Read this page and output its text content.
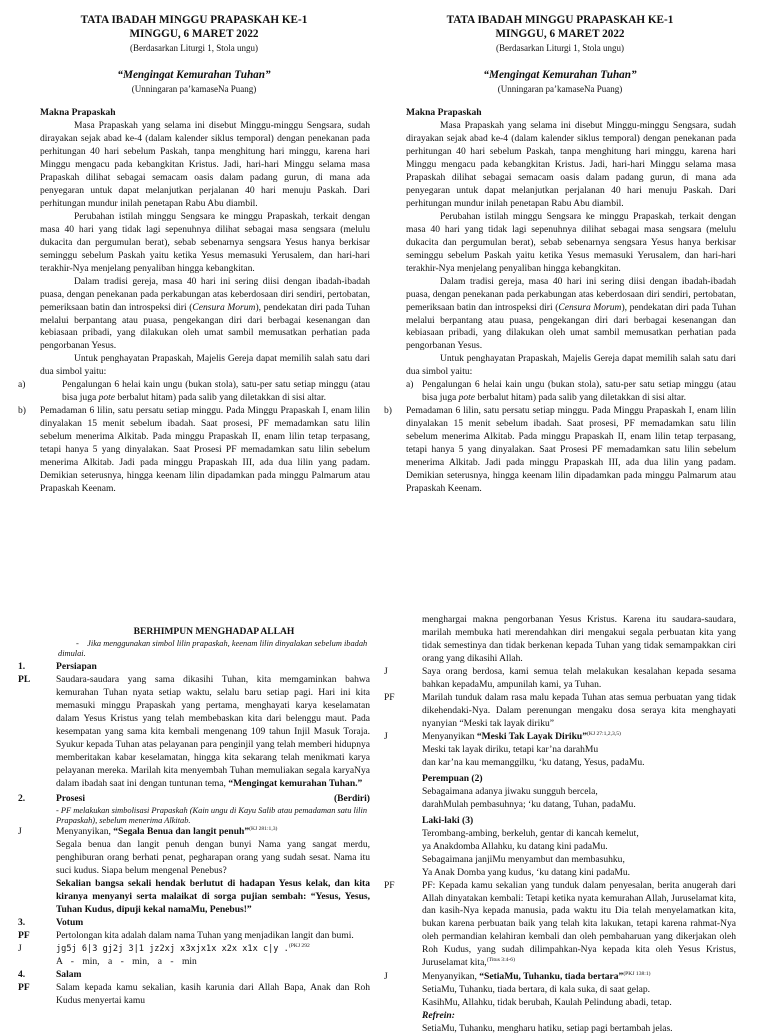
TATA IBADAH MINGGU PRAPASKAH KE-1
MINGGU, 6 MARET 2022
(Berdasarkan Liturgi 1, Stola ungu)
“Mengingat Kemurahan Tuhan”
(Unningaran pa’kamaseNa Puang)
Makna Prapaskah
Masa Prapaskah yang selama ini disebut Minggu-minggu Sengsara, sudah dirayakan sejak abad ke-4 (dalam kalender siklus temporal) dengan penekanan pada perhitungan 40 hari sebelum Paskah, tanpa menghitung hari minggu, karena hari Minggu mengacu pada kebangkitan Kristus. Jadi, hari-hari Minggu selama masa Prapaskah dilihat sebagai semacam oasis dalam padang gurun, di mana ada penyegaran untuk dapat melanjutkan perjalanan 40 hari menuju Paskah. Dari perhitungan mundur inilah penetapan Rabu Abu diambil.
Perubahan istilah minggu Sengsara ke minggu Prapaskah, terkait dengan masa 40 hari yang tidak lagi sepenuhnya dilihat sebagai masa sengsara (melulu dukacita dan pergumulan berat), sebab sebenarnya sengsara Yesus hanya berkisar seminggu sebelum Paskah yaitu ketika Yesus memasuki Yerusalem, dan hari-hari terakhir-Nya menjelang penyaliban hingga kebangkitan.
Dalam tradisi gereja, masa 40 hari ini sering diisi dengan ibadah-ibadah puasa, dengan penekanan pada perkabungan atas keberdosaan diri sendiri, pertobatan, pemeriksaan batin dan introspeksi diri (Censura Morum), pendekatan diri pada Tuhan melalui berpantang atau puasa, pengekangan diri dari berbagai kesenangan dan kebiasaan pribadi, yang dilakukan oleh umat sambil memusatkan perhatian pada pengorbanan Yesus.
Untuk penghayatan Prapaskah, Majelis Gereja dapat memilih salah satu dari dua simbol yaitu:
a)	Pengalungan 6 helai kain ungu (bukan stola), satu-per satu setiap minggu (atau bisa juga pote berbalut hitam) pada salib yang diletakkan di sisi altar.
b) Pemadaman 6 lilin, satu persatu setiap minggu. Pada Minggu Prapaskah I, enam lilin dinyalakan 15 menit sebelum ibadah. Saat prosesi, PF memadamkan satu lilin sebelum menerima Alkitab. Pada minggu Prapaskah II, enam lilin tetap terpasang, tetapi hanya 5 yang dinyalakan. Saat Prosesi PF memadamkan satu lilin sebelum menerima Alkitab. Jadi pada minggu Prapaskah III, ada dua lilin yang padam. Demikian seterusnya, hingga keenam lilin dipadamkan pada minggu Palmarum atau Prapaskah Keenam.
TATA IBADAH MINGGU PRAPASKAH KE-1
MINGGU, 6 MARET 2022
(Berdasarkan Liturgi 1, Stola ungu)
“Mengingat Kemurahan Tuhan”
(Unningaran pa’kamaseNa Puang)
Makna Prapaskah
Masa Prapaskah yang selama ini disebut Minggu-minggu Sengsara, sudah dirayakan sejak abad ke-4 (dalam kalender siklus temporal) dengan penekanan pada perhitungan 40 hari sebelum Paskah, tanpa menghitung hari minggu, karena hari Minggu mengacu pada kebangkitan Kristus. Jadi, hari-hari Minggu selama masa Prapaskah dilihat sebagai semacam oasis dalam padang gurun, di mana ada penyegaran untuk dapat melanjutkan perjalanan 40 hari menuju Paskah. Dari perhitungan mundur inilah penetapan Rabu Abu diambil.
Perubahan istilah minggu Sengsara ke minggu Prapaskah, terkait dengan masa 40 hari yang tidak lagi sepenuhnya dilihat sebagai masa sengsara (melulu dukacita dan pergumulan berat), sebab sebenarnya sengsara Yesus hanya berkisar seminggu sebelum Paskah yaitu ketika Yesus memasuki Yerusalem, dan hari-hari terakhir-Nya menjelang penyaliban hingga kebangkitan.
Dalam tradisi gereja, masa 40 hari ini sering diisi dengan ibadah-ibadah puasa, dengan penekanan pada perkabungan atas keberdosaan diri sendiri, pertobatan, pemeriksaan batin dan introspeksi diri (Censura Morum), pendekatan diri pada Tuhan melalui berpantang atau puasa, pengekangan diri dari berbagai kesenangan dan kebiasaan pribadi, yang dilakukan oleh umat sambil memusatkan perhatian pada pengorbanan Yesus.
Untuk penghayatan Prapaskah, Majelis Gereja dapat memilih salah satu dari dua simbol yaitu:
a) Pengalungan 6 helai kain ungu (bukan stola), satu-per satu setiap minggu (atau bisa juga pote berbalut hitam) pada salib yang diletakkan di sisi altar.
b) Pemadaman 6 lilin, satu persatu setiap minggu. Pada Minggu Prapaskah I, enam lilin dinyalakan 15 menit sebelum ibadah. Saat prosesi, PF memadamkan satu lilin sebelum menerima Alkitab. Pada minggu Prapaskah II, enam lilin tetap terpasang, tetapi hanya 5 yang dinyalakan. Saat Prosesi PF memadamkan satu lilin sebelum menerima Alkitab. Jadi pada minggu Prapaskah III, ada dua lilin yang padam. Demikian seterusnya, hingga keenam lilin dipadamkan pada minggu Palmarum atau Prapaskah Keenam.
BERHIMPUN MENGHADAP ALLAH
- Jika menggunakan simbol lilin prapaskah, keenam lilin dinyalakan sebelum ibadah dimulai.
1.	Persiapan
PL	Saudara-saudara yang sama dikasihi Tuhan, kita memgaminkan bahwa kemurahan Tuhan nyata setiap waktu, selalu baru setiap pagi. Hari ini kita memasuki minggu Prapaskah yang pertama, menghayati karya keselamatan dalam Yesus Kristus yang telah membebaskan kita dari belenggu maut. Pada kesempatan yang sama kita kembali mengenang 109 tahun Injil Masuk Toraja. Syukur kepada Tuhan atas pelayanan para penginjil yang telah memberi hidupnya memberitakan kabar keselamatan, hingga kita sekarang telah menikmati karya pelayanan mereka. Marilah kita menyembah Tuhan memuliakan segala karyaNya dalam ibadah saat ini dengan tuntunan tema, “Mengingat kemurahan Tuhan.”
2.	Prosesi	(Berdiri)
- PF melakukan simbolisasi Prapaskah (Kain ungu di Kayu Salib atau pemadaman satu lilin Prapaskah), sebelum menerima Alkitab.
J	Menyanyikan, “Segala Benua dan langit penuh”$^{(KJ 281:1,3)}$
Segala benua dan langit penuh dengan bunyi Nama yang sangat merdu, penghiburan orang berhati penat, pegharapan orang yang sudah sesat. Nama itu suci kudus. Siapa belum mengenal Penebus?
Sekalian bangsa sekali hendak berlutut di hadapan Yesus kelak, dan kita kiranya menyanyi serta malaikat di sorga pujian sembah: “Yesus, Yesus, Tuhan Kudus, dipuji kekal namaMu, Penebus!”
3.	Votum
PF	Pertolongan kita adalah dalam nama Tuhan yang menjadikan langit dan bumi.
J	jg5j 6|3 gj2j 3|1 jz2xj x3xjx1x x2x x1x c|y .$^{(PKJ 292}$
A - min, a - min, a - min
4.	Salam
PF	Salam kepada kamu sekalian, kasih karunia dari Allah Bapa, Anak dan Roh Kudus menyertai kamu
menghargai makna pengorbanan Yesus Kristus. Karena itu saudara-saudara, marilah membuka hati merendahkan diri mengakui segala perbuatan kita yang tidak semestinya dan tidak berkenan kepada Tuhan yang tidak semampakkan ciri orang yang dikasihi Allah.
J	Saya orang berdosa, kami semua telah melakukan kesalahan kepada sesama bahkan kepadaMu, ampunilah kami, ya Tuhan.
PF	Marilah tunduk dalam rasa malu kepada Tuhan atas semua perbuatan yang tidak dikehendaki-Nya. Dalam perenungan mengaku dosa seraya kita menghayati nyanyian “Meski tak layak diriku”
J	Menyanyikan “Meski Tak Layak Diriku”$^{(KJ 27:1,2,3,5)}$
Meski tak layak diriku, tetapi kar’na darahMu
dan kar’na kau memanggilku, ‘ku datang, Yesus, padaMu.
Perempuan (2)
Sebagaimana adanya jiwaku sungguh bercela,
darahMulah pembasuhnya; ‘ku datang, Tuhan, padaMu.
Laki-laki (3)
Terombang-ambing, berkeluh, gentar di kancah kemelut,
ya Anakdomba Allahku, ku datang kini padaMu.
Sebagaimana janjiMu menyambut dan membasuhku,
Ya Anak Domba yang kudus, ‘ku datang kini padaMu.
PF	PF: Kepada kamu sekalian yang tunduk dalam penyesalan, berita anugerah dari Allah dinyatakan kembali: Tetapi ketika nyata kemurahan Allah, Juruselamat kita, dan kasih-Nya kepada manusia, pada waktu itu Dia telah menyelamatkan kita, bukan karena perbuatan baik yang telah kita lakukan, tetapi karena rahmat-Nya oleh permandian kelahiran kembali dan oleh pembaharuan yang dikerjakan oleh Roh Kudus, yang sudah dilimpahkan-Nya kepada kita oleh Yesus Kristus, Juruselamat kita,$^{(Titus 3:4-6)}$
J	Menyanyikan, “SetiaMu, Tuhanku, tiada bertara”$^{(PKJ 138:1)}$
SetiaMu, Tuhanku, tiada bertara, di kala suka, di saat gelap.
KasihMu, Allahku, tidak berubah, Kaulah Pelindung abadi, tetap.
Refrein:
SetiaMu, Tuhanku, mengharu hatiku, setiap pagi bertambah jelas.
